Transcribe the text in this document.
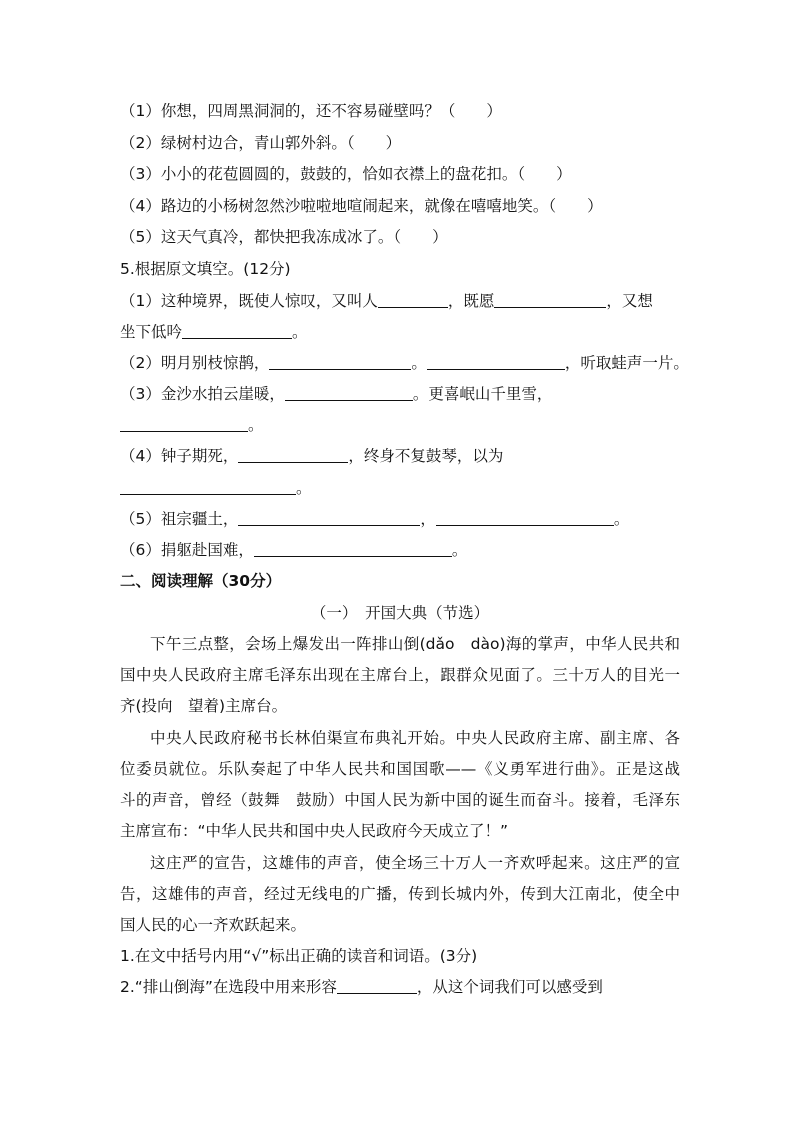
（1）你想，四周黑洞洞的，还不容易碰壁吗？（　　）
（2）绿树村边合，青山郭外斜。（　　）
（3）小小的花苞圆圆的，鼓鼓的，恰如衣襟上的盘花扣。（　　）
（4）路边的小杨树忽然沙啦啦地喧闹起来，就像在嘻嘻地笑。（　　）
（5）这天气真冷，都快把我冻成冰了。（　　）
5.根据原文填空。(12分)
（1）这种境界，既使人惊叹，又叫人	，既愿	，又想
坐下低吟	。
（2）明月别枝惊鹊，	。	，听取蛙声一片。
（3）金沙水拍云崖暖，	。更喜岷山千里雪，
。
（4）钟子期死，	，终身不复鼓琴，以为
。
（5）祖宗疆土，	，	。
（6）捐躯赴国难，	。
二、阅读理解（30分）
（一）　开国大典（节选）
下午三点整，会场上爆发出一阵排山倒(dǎo　dào)海的掌声，中华人民共和
国中央人民政府主席毛泽东出现在主席台上，跟群众见面了。三十万人的目光一
齐(投向　望着)主席台。
中央人民政府秘书长林伯渠宣布典礼开始。中央人民政府主席、副主席、各
位委员就位。乐队奏起了中华人民共和国国歌——《义勇军进行曲》。正是这战
斗的声音，曾经（鼓舞　鼓励）中国人民为新中国的诞生而奋斗。接着，毛泽东
主席宣布：“中华人民共和国中央人民政府今天成立了！”
这庄严的宣告，这雄伟的声音，使全场三十万人一齐欢呼起来。这庄严的宣
告，这雄伟的声音，经过无线电的广播，传到长城内外，传到大江南北，使全中
国人民的心一齐欢跃起来。
1.在文中括号内用“√”标出正确的读音和词语。(3分)
2.“排山倒海”在选段中用来形容	，从这个词我们可以感受到
